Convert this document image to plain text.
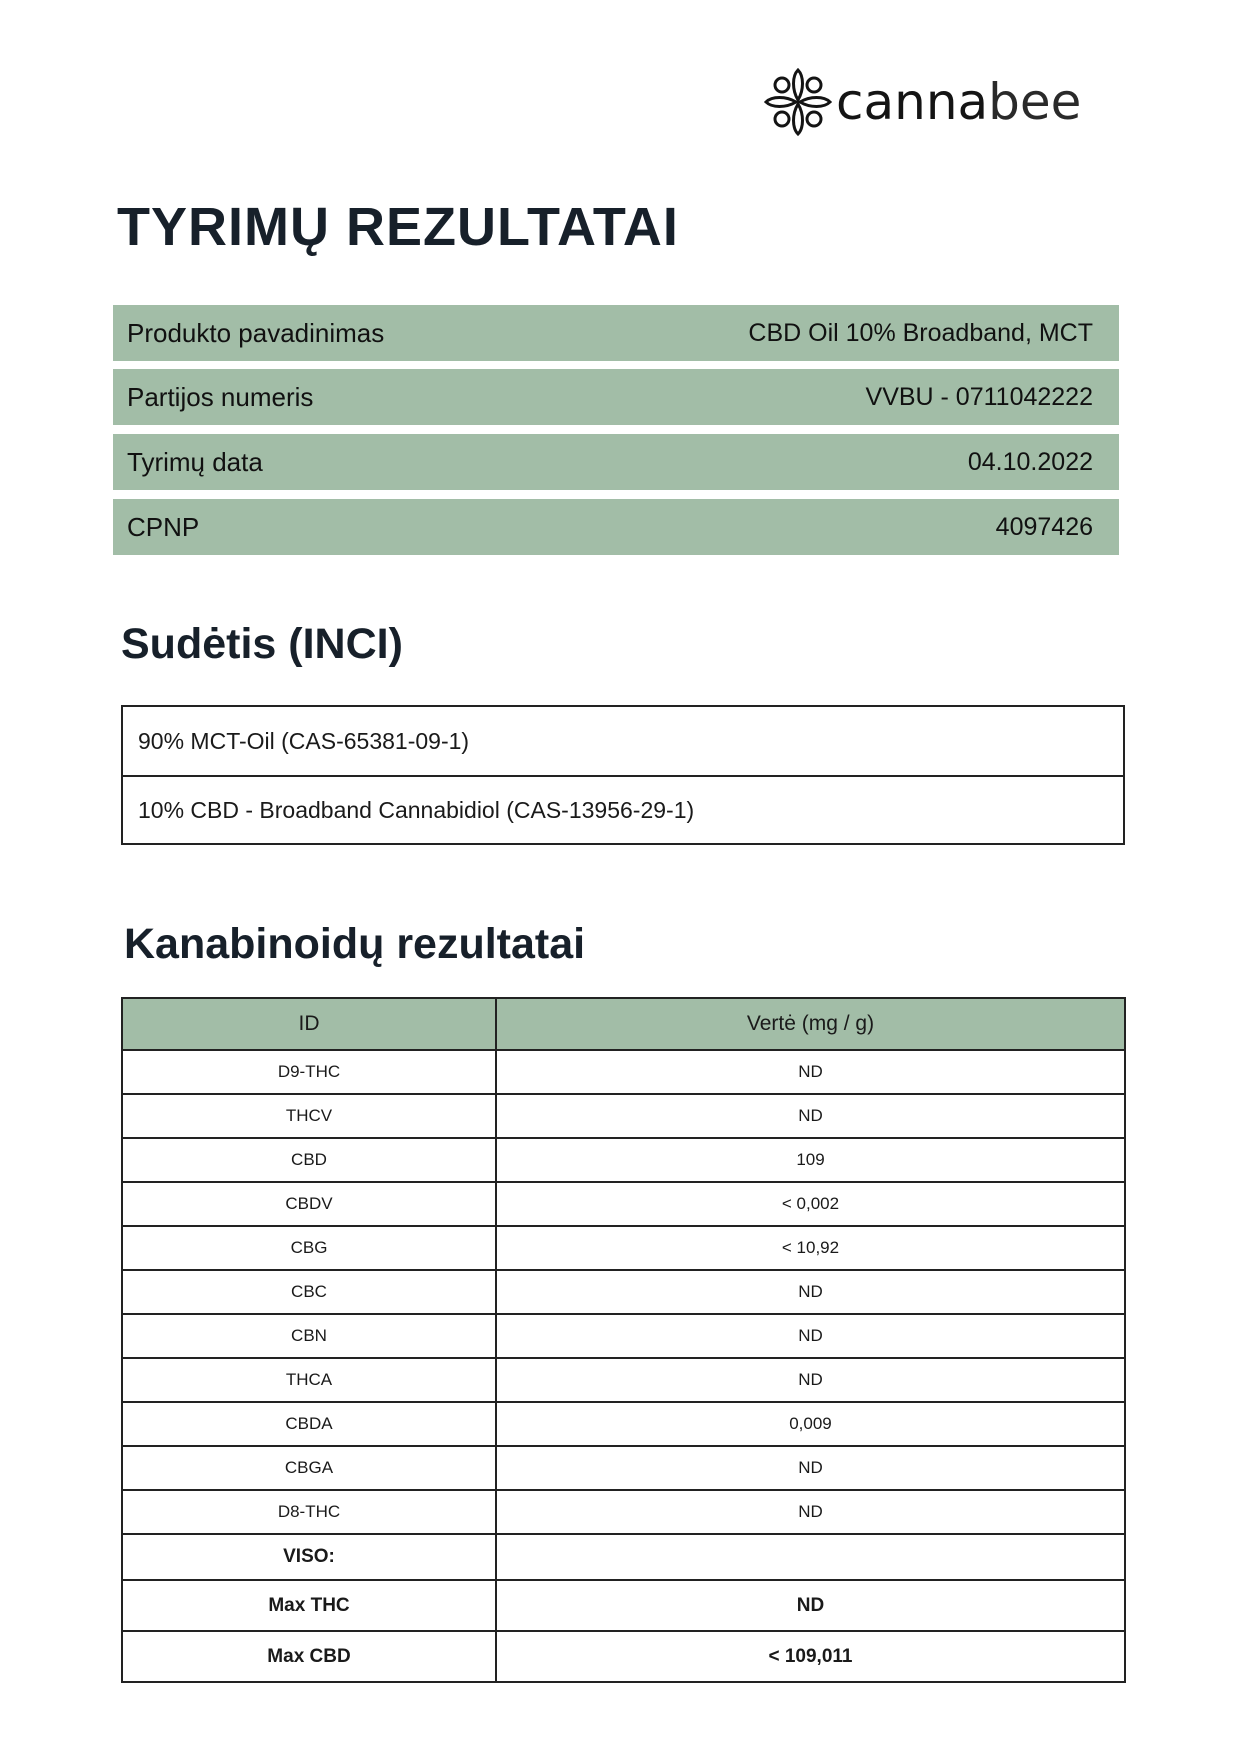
cannabee
TYRIMŲ REZULTATAI
Produkto pavadinimas	CBD Oil 10% Broadband, MCT
Partijos numeris	VVBU - 0711042222
Tyrimų data	04.10.2022
CPNP	4097426
Sudėtis (INCI)
90% MCT-Oil (CAS-65381-09-1)
10% CBD - Broadband Cannabidiol (CAS-13956-29-1)
Kanabinoidų rezultatai
ID	Vertė (mg / g)
D9-THC	ND
THCV	ND
CBD	109
CBDV	< 0,002
CBG	< 10,92
CBC	ND
CBN	ND
THCA	ND
CBDA	0,009
CBGA	ND
D8-THC	ND
VISO:	
Max THC	ND
Max CBD	< 109,011
